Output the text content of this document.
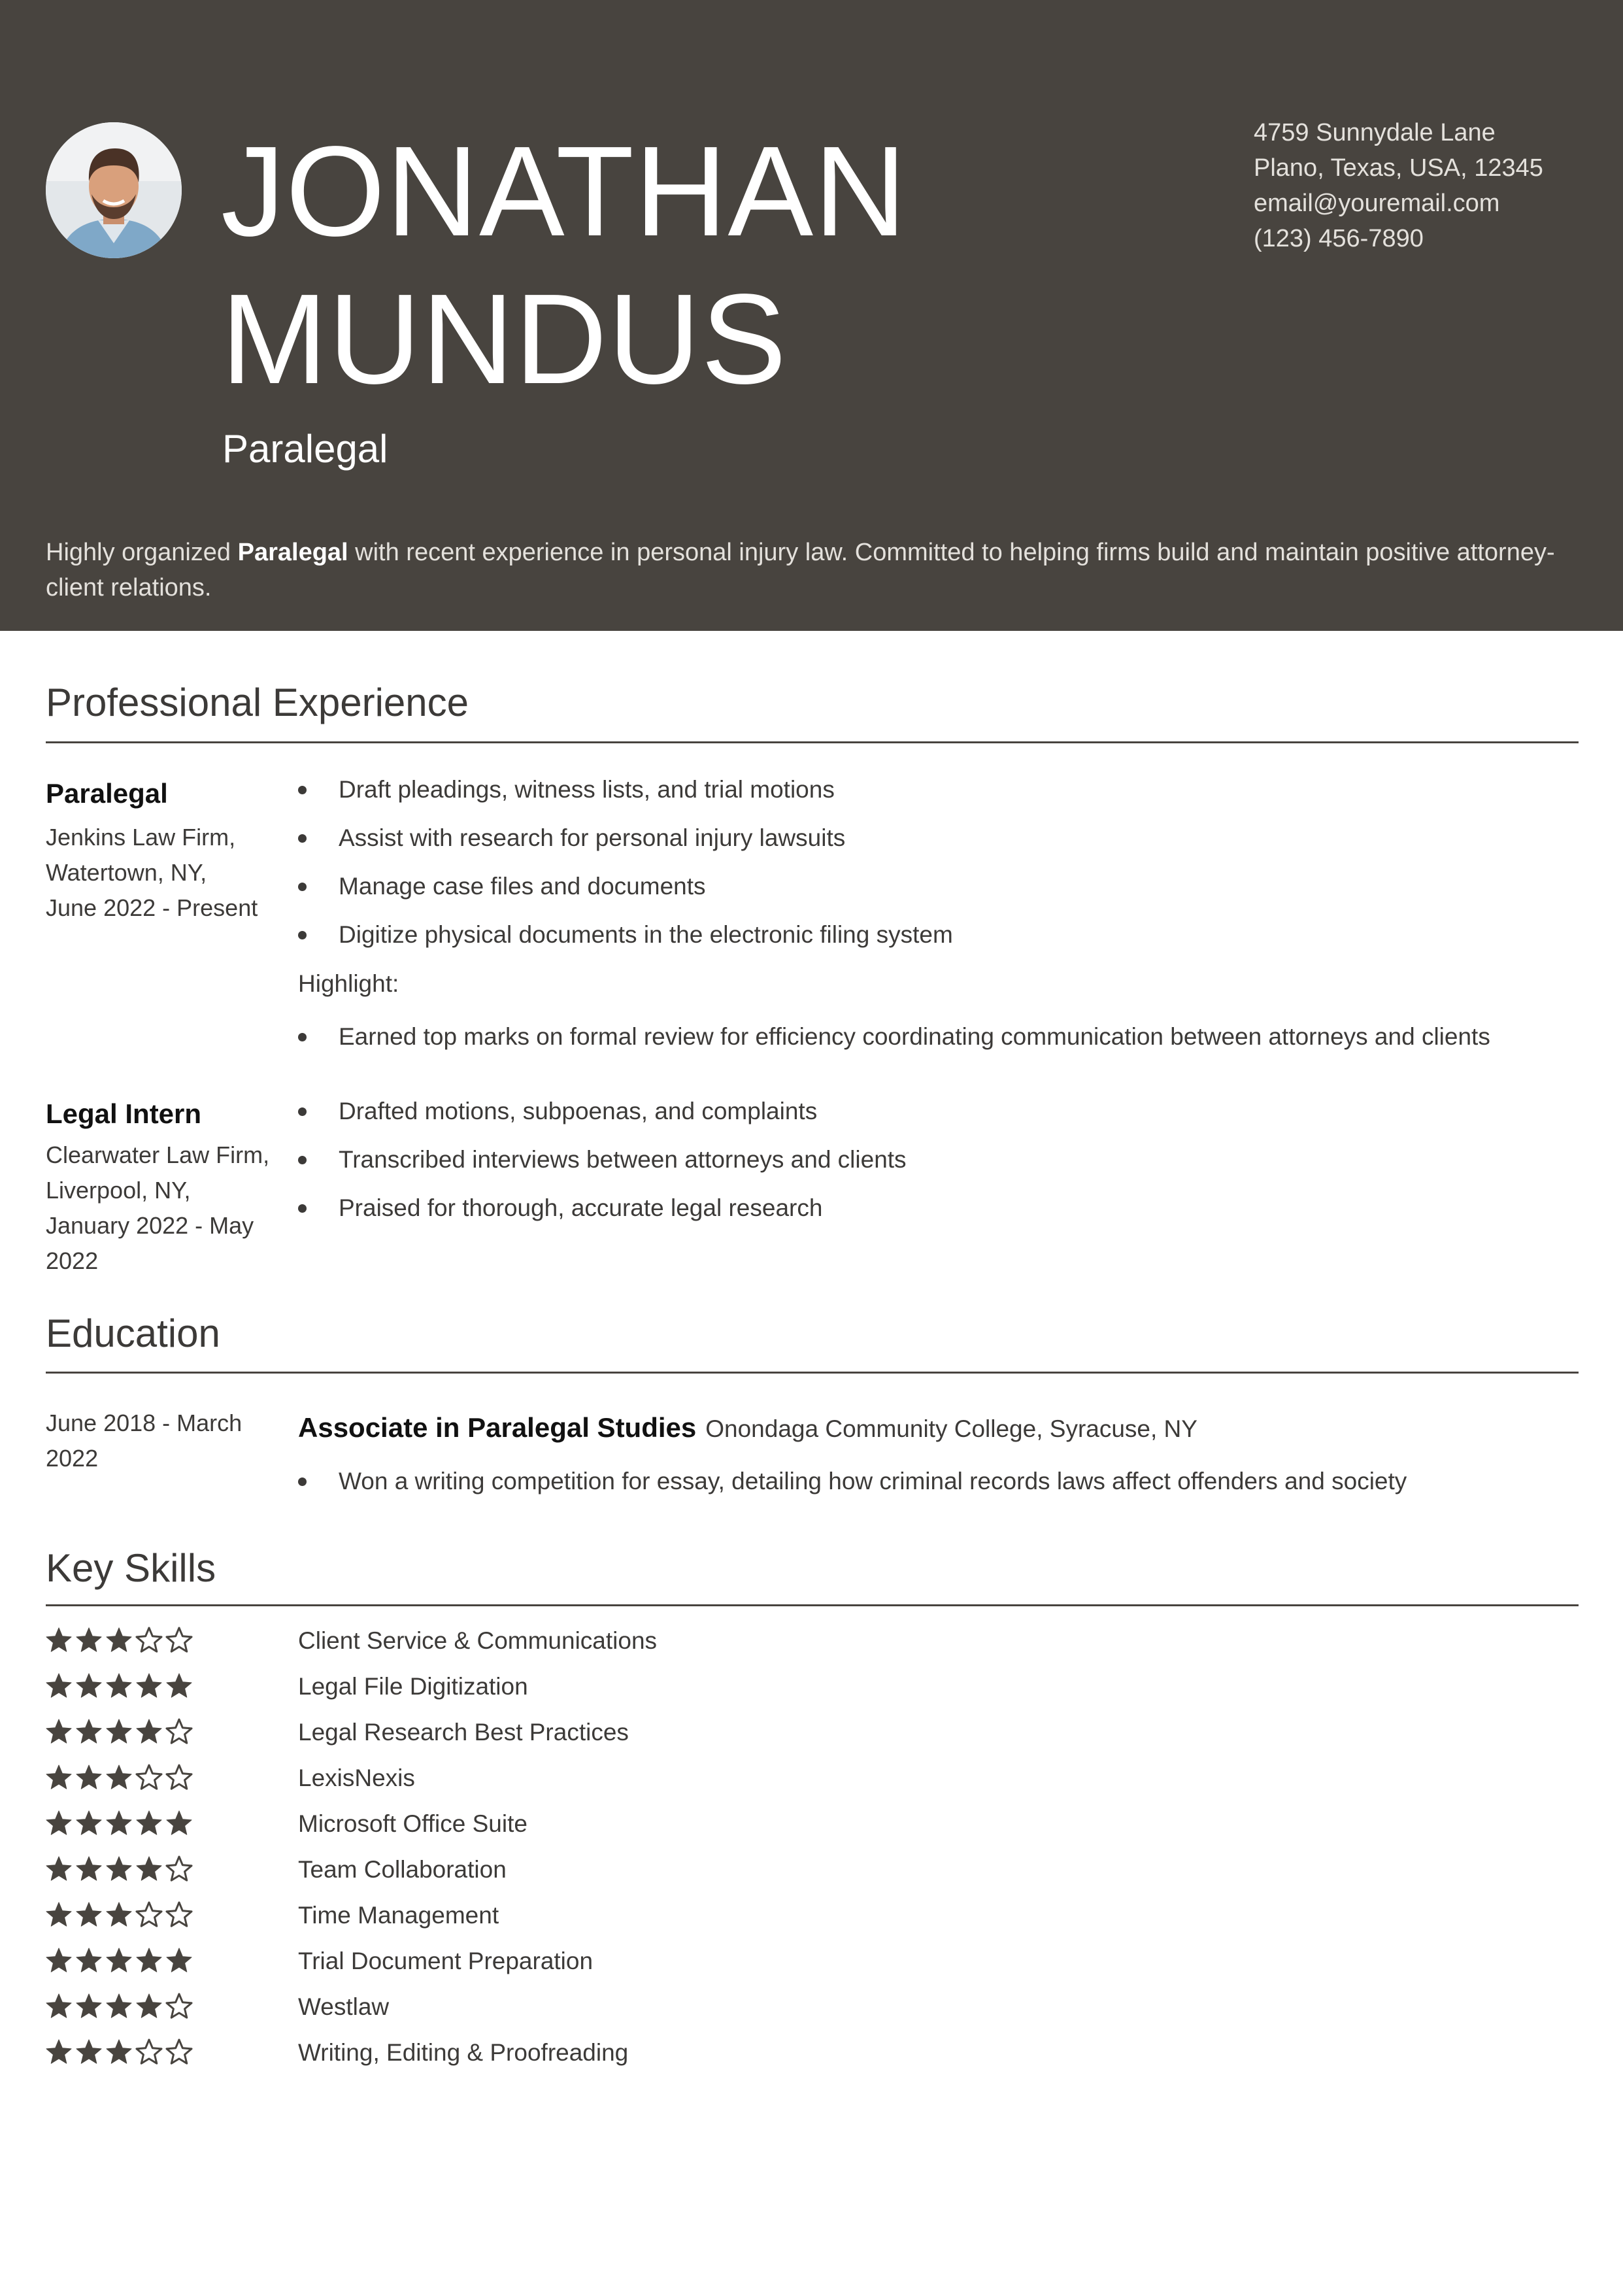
JONATHAN
MUNDUS
Paralegal
4759 Sunnydale Lane
Plano, Texas, USA, 12345
email@youremail.com
(123) 456-7890
Highly organized Paralegal with recent experience in personal injury law. Committed to helping firms build and maintain positive attorney-client relations.
Professional Experience
Paralegal
Jenkins Law Firm,
Watertown, NY,
June 2022 - Present
Draft pleadings, witness lists, and trial motions
Assist with research for personal injury lawsuits
Manage case files and documents
Digitize physical documents in the electronic filing system
Highlight:
Earned top marks on formal review for efficiency coordinating communication between attorneys and clients
Legal Intern
Clearwater Law Firm,
Liverpool, NY,
January 2022 - May
2022
Drafted motions, subpoenas, and complaints
Transcribed interviews between attorneys and clients
Praised for thorough, accurate legal research
Education
June 2018 - March
2022
Associate in Paralegal Studies Onondaga Community College, Syracuse, NY
Won a writing competition for essay, detailing how criminal records laws affect offenders and society
Key Skills
Client Service & Communications
Legal File Digitization
Legal Research Best Practices
LexisNexis
Microsoft Office Suite
Team Collaboration
Time Management
Trial Document Preparation
Westlaw
Writing, Editing & Proofreading
